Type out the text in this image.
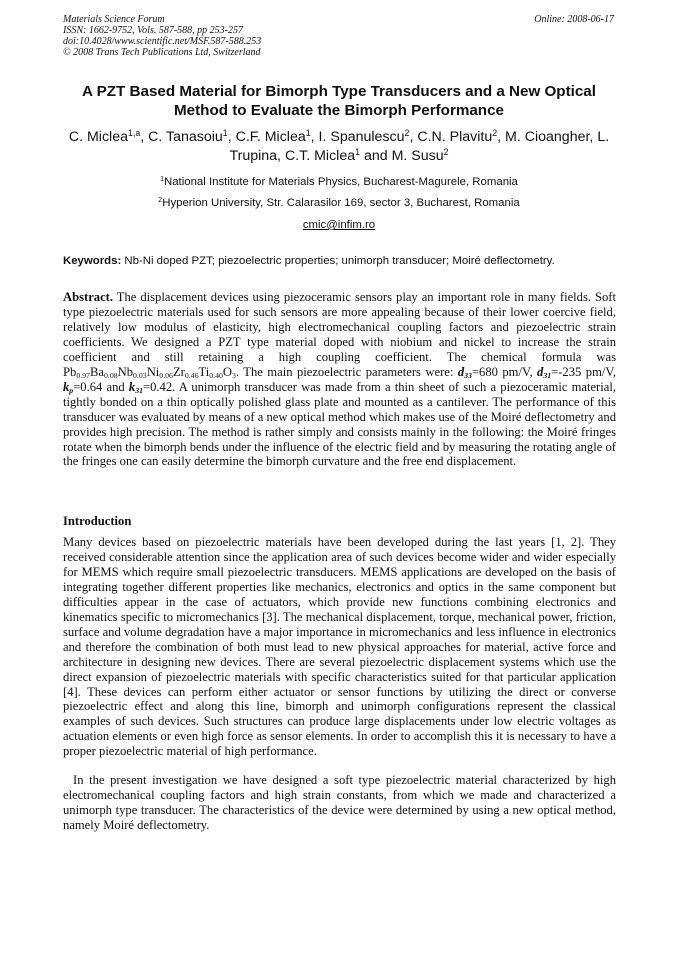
Materials Science Forum
ISSN: 1662-9752, Vols. 587-588, pp 253-257
doi:10.4028/www.scientific.net/MSF.587-588.253
© 2008 Trans Tech Publications Ltd, Switzerland
Online: 2008-06-17
A PZT Based Material for Bimorph Type Transducers and a New Optical
Method to Evaluate the Bimorph Performance
C. Miclea$^{1,a}$, C. Tanasoiu$^1$, C.F. Miclea$^1$, I. Spanulescu$^2$, C.N. Plavitu$^2$, M. Cioangher, L. Trupina, C.T. Miclea$^1$ and M. Susu$^2$
$^1$National Institute for Materials Physics, Bucharest-Magurele, Romania
$^2$Hyperion University, Str. Calarasilor 169, sector 3, Bucharest, Romania
cmic@infim.ro
Keywords: Nb-Ni doped PZT; piezoelectric properties; unimorph transducer; Moiré deflectometry.
Abstract. The displacement devices using piezoceramic sensors play an important role in many fields. Soft type piezoelectric materials used for such sensors are more appealing because of their lower coercive field, relatively low modulus of elasticity, high electromechanical coupling factors and piezoelectric strain coefficients. We designed a PZT type material doped with niobium and nickel to increase the strain coefficient and still retaining a high coupling coefficient. The chemical formula was $Pb_{0.97}Ba_{0.08}Nb_{0.03}Ni_{0.06}Zr_{0.46}Ti_{0.40}O_3$. The main piezoelectric parameters were: $d_{33}=680$ pm/V, $d_{31}=-235$ pm/V, $k_p=0.64$ and $k_{31}=0.42$. A unimorph transducer was made from a thin sheet of such a piezoceramic material, tightly bonded on a thin optically polished glass plate and mounted as a cantilever. The performance of this transducer was evaluated by means of a new optical method which makes use of the Moiré deflectometry and provides high precision. The method is rather simply and consists mainly in the following: the Moiré fringes rotate when the bimorph bends under the influence of the electric field and by measuring the rotating angle of the fringes one can easily determine the bimorph curvature and the free end displacement.
Introduction
Many devices based on piezoelectric materials have been developed during the last years [1, 2]. They received considerable attention since the application area of such devices become wider and wider especially for MEMS which require small piezoelectric transducers. MEMS applications are developed on the basis of integrating together different properties like mechanics, electronics and optics in the same component but difficulties appear in the case of actuators, which provide new functions combining electronics and kinematics specific to micromechanics [3]. The mechanical displacement, torque, mechanical power, friction, surface and volume degradation have a major importance in micromechanics and less influence in electronics and therefore the combination of both must lead to new physical approaches for material, active force and architecture in designing new devices. There are several piezoelectric displacement systems which use the direct expansion of piezoelectric materials with specific characteristics suited for that particular application [4]. These devices can perform either actuator or sensor functions by utilizing the direct or converse piezoelectric effect and along this line, bimorph and unimorph configurations represent the classical examples of such devices. Such structures can produce large displacements under low electric voltages as actuation elements or even high force as sensor elements. In order to accomplish this it is necessary to have a proper piezoelectric material of high performance.
In the present investigation we have designed a soft type piezoelectric material characterized by high electromechanical coupling factors and high strain constants, from which we made and characterized a unimorph type transducer. The characteristics of the device were determined by using a new optical method, namely Moiré deflectometry.
